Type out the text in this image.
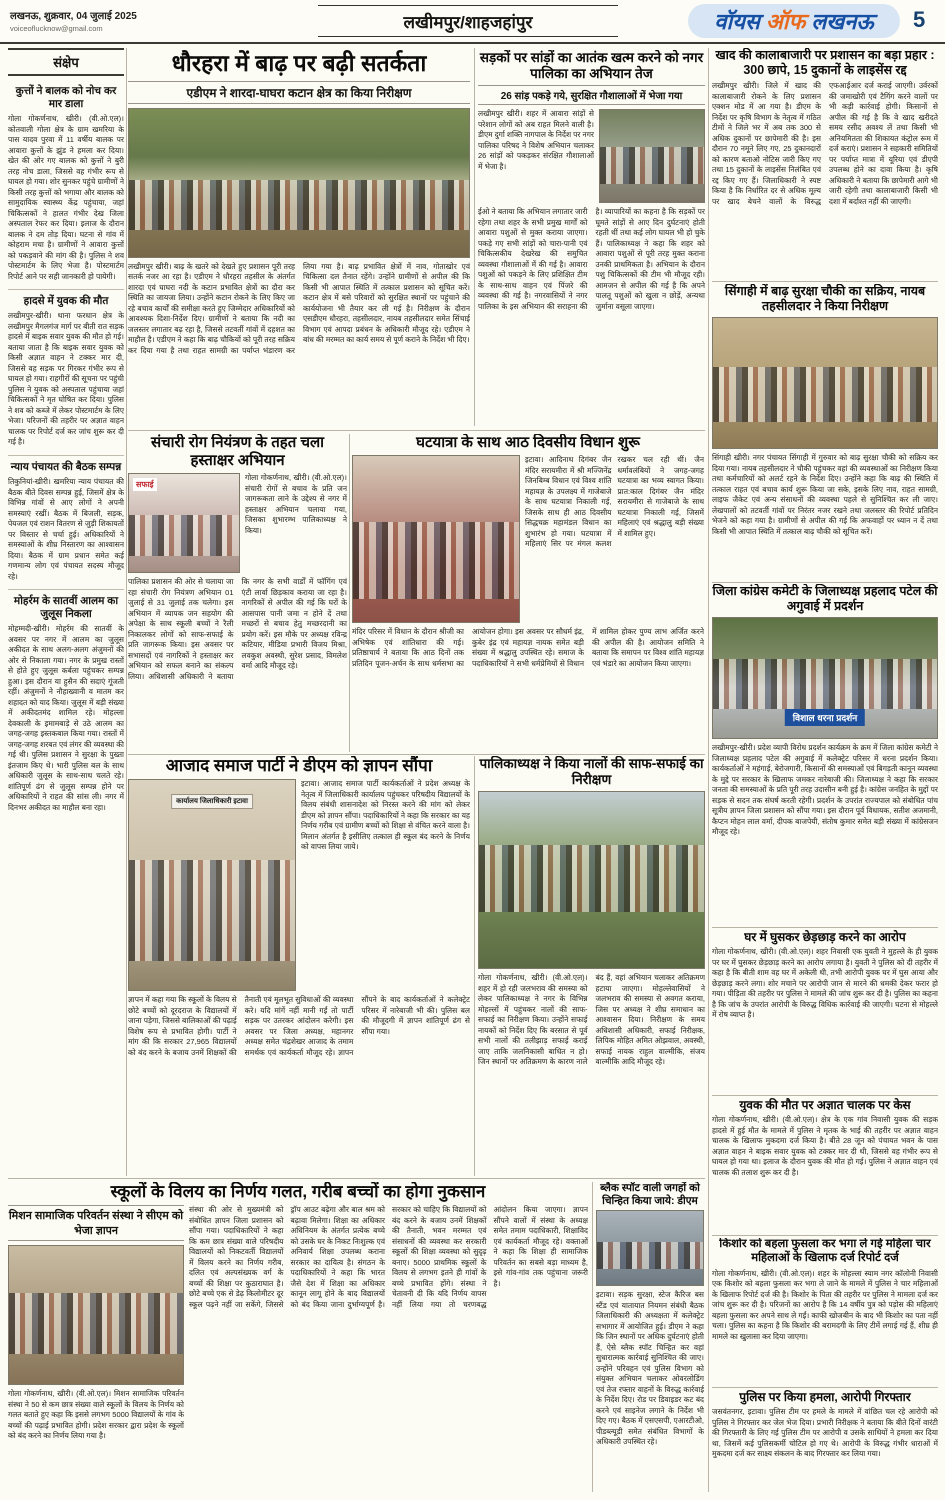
लखनऊ, शुक्रवार, 04 जुलाई 2025
voiceoflucknow@gmail.com	लखीमपुर/शाहजहांपुर	वॉयस ऑफ लखनऊ 5
संक्षेप
कुत्तों ने बालक को नोच कर मार डाला
गोला गोकर्णनाथ, खीरी। (वी.ओ.एल)। कोतवाली गोला क्षेत्र के ग्राम खमरिया के पास यादव पुरवा में 11 वर्षीय बालक पर आवारा कुत्तों के झुंड ने हमला कर दिया। खेत की ओर गए बालक को कुत्तों ने बुरी तरह नोच डाला, जिससे वह गंभीर रूप से घायल हो गया। शोर सुनकर पहुंचे ग्रामीणों ने किसी तरह कुत्तों को भगाया और बालक को सामुदायिक स्वास्थ्य केंद्र पहुंचाया, जहां चिकित्सकों ने हालत गंभीर देख जिला अस्पताल रेफर कर दिया। इलाज के दौरान बालक ने दम तोड़ दिया। घटना से गांव में कोहराम मचा है। ग्रामीणों ने आवारा कुत्तों को पकड़वाने की मांग की है। पुलिस ने शव पोस्टमार्टम के लिए भेजा है। पोस्टमार्टम रिपोर्ट आने पर सही जानकारी हो पायेगी।
हादसे में युवक की मौत
लखीमपुर-खीरी। थाना फरधान क्षेत्र के लखीमपुर मैगलगंज मार्ग पर बीती रात सड़क हादसे में बाइक सवार युवक की मौत हो गई। बताया जाता है कि बाइक सवार युवक को किसी अज्ञात वाहन ने टक्कर मार दी, जिससे वह सड़क पर गिरकर गंभीर रूप से घायल हो गया। राहगीरों की सूचना पर पहुंची पुलिस ने युवक को अस्पताल पहुंचाया जहां चिकित्सकों ने मृत घोषित कर दिया। पुलिस ने शव को कब्जे में लेकर पोस्टमार्टम के लिए भेजा। परिजनों की तहरीर पर अज्ञात वाहन चालक पर रिपोर्ट दर्ज कर जांच शुरू कर दी गई है।
न्याय पंचायत की बैठक सम्पन्न
तिकुनियां-खीरी। खमरिया न्याय पंचायत की बैठक बीते दिवस सम्पन्न हुई, जिसमें क्षेत्र के विभिन्न गांवों से आए लोगों ने अपनी समस्याएं रखीं। बैठक में बिजली, सड़क, पेयजल एवं राशन वितरण से जुड़ी शिकायतों पर विस्तार से चर्चा हुई। अधिकारियों ने समस्याओं के शीघ्र निस्तारण का आश्वासन दिया। बैठक में ग्राम प्रधान समेत कई गणमान्य लोग एवं पंचायत सदस्य मौजूद रहे।
मोहर्रम के सातवीं आलम का जुलूस निकला
मोहम्मदी-खीरी। मोहर्रम की सातवीं के अवसर पर नगर में आलम का जुलूस अकीदत के साथ अलग-अलग अंजुमनों की ओर से निकाला गया। नगर के प्रमुख रास्तों से होते हुए जुलूस कर्बला पहुंचकर सम्पन्न हुआ। इस दौरान या हुसैन की सदाएं गूंजती रहीं। अंजुमनों ने नौहाख्वानी व मातम कर शहादत को याद किया। जुलूस में बड़ी संख्या में अकीदतमंद शामिल रहे। मोहल्ला देवकाली के इमामबाड़े से उठे आलम का जगह-जगह इस्तकबाल किया गया। रास्तों में जगह-जगह शरबत एवं लंगर की व्यवस्था की गई थी। पुलिस प्रशासन ने सुरक्षा के पुख्ता इंतजाम किए थे। भारी पुलिस बल के साथ अधिकारी जुलूस के साथ-साथ चलते रहे। शांतिपूर्ण ढंग से जुलूस सम्पन्न होने पर अधिकारियों ने राहत की सांस ली। नगर में दिनभर अकीदत का माहौल बना रहा।
धौरहरा में बाढ़ पर बढ़ी सतर्कता
एडीएम ने शारदा-घाघरा कटान क्षेत्र का किया निरीक्षण
लखीमपुर खीरी। बाढ़ के खतरे को देखते हुए प्रशासन पूरी तरह सतर्क नजर आ रहा है। एडीएम ने धौरहरा तहसील के अंतर्गत शारदा एवं घाघरा नदी के कटान प्रभावित क्षेत्रों का दौरा कर स्थिति का जायजा लिया। उन्होंने कटान रोकने के लिए किए जा रहे बचाव कार्यों की समीक्षा करते हुए जिम्मेदार अधिकारियों को आवश्यक दिशा-निर्देश दिए। ग्रामीणों ने बताया कि नदी का जलस्तर लगातार बढ़ रहा है, जिससे तटवर्ती गांवों में दहशत का माहौल है। एडीएम ने कहा कि बाढ़ चौकियों को पूरी तरह सक्रिय कर दिया गया है तथा राहत सामग्री का पर्याप्त भंडारण कर लिया गया है। बाढ़ प्रभावित क्षेत्रों में नाव, गोताखोर एवं चिकित्सा दल तैनात रहेंगे। उन्होंने ग्रामीणों से अपील की कि किसी भी आपात स्थिति में तत्काल प्रशासन को सूचित करें। कटान क्षेत्र में बसे परिवारों को सुरक्षित स्थानों पर पहुंचाने की कार्ययोजना भी तैयार कर ली गई है। निरीक्षण के दौरान एसडीएम धौरहरा, तहसीलदार, नायब तहसीलदार समेत सिंचाई विभाग एवं आपदा प्रबंधन के अधिकारी मौजूद रहे। एडीएम ने बांध की मरम्मत का कार्य समय से पूर्ण कराने के निर्देश भी दिए।
सड़कों पर सांड़ों का आतंक खत्म करने को नगर पालिका का अभियान तेज
26 सांड़ पकड़े गये, सुरक्षित गौशालाओं में भेजा गया
लखीमपुर खीरी। शहर में आवारा सांड़ों से परेशान लोगों को अब राहत मिलने वाली है। डीएम दुर्गा शक्ति नागपाल के निर्देश पर नगर पालिका परिषद ने विशेष अभियान चलाकर 26 सांड़ों को पकड़कर संरक्षित गौशालाओं में भेजा है।
ईओ ने बताया कि अभियान लगातार जारी रहेगा तथा शहर के सभी प्रमुख मार्गों को आवारा पशुओं से मुक्त कराया जाएगा। पकड़े गए सभी सांड़ों को चारा-पानी एवं चिकित्सकीय देखरेख की समुचित व्यवस्था गौशालाओं में की गई है। आवारा पशुओं को पकड़ने के लिए प्रशिक्षित टीम के साथ-साथ वाहन एवं पिंजरे की व्यवस्था की गई है। नगरवासियों ने नगर पालिका के इस अभियान की सराहना की है। व्यापारियों का कहना है कि सड़कों पर घूमते सांड़ों से आए दिन दुर्घटनाएं होती रहती थीं तथा कई लोग घायल भी हो चुके हैं। पालिकाध्यक्ष ने कहा कि शहर को आवारा पशुओं से पूरी तरह मुक्त कराना उनकी प्राथमिकता है। अभियान के दौरान पशु चिकित्सकों की टीम भी मौजूद रही। आमजन से अपील की गई है कि अपने पालतू पशुओं को खुला न छोड़ें, अन्यथा जुर्माना वसूला जाएगा।
खाद की कालाबाजारी पर प्रशासन का बड़ा प्रहार : 300 छापे, 15 दुकानों के लाइसेंस रद्द
लखीमपुर खीरी। जिले में खाद की कालाबाजारी रोकने के लिए प्रशासन एक्शन मोड में आ गया है। डीएम के निर्देश पर कृषि विभाग के नेतृत्व में गठित टीमों ने जिले भर में अब तक 300 से अधिक दुकानों पर छापेमारी की है। इस दौरान 70 नमूने लिए गए, 25 दुकानदारों को कारण बताओ नोटिस जारी किए गए तथा 15 दुकानों के लाइसेंस निलंबित एवं रद्द किए गए हैं। जिलाधिकारी ने स्पष्ट किया है कि निर्धारित दर से अधिक मूल्य पर खाद बेचने वालों के विरुद्ध एफआईआर दर्ज कराई जाएगी। उर्वरकों की जमाखोरी एवं टैगिंग करने वालों पर भी कड़ी कार्रवाई होगी। किसानों से अपील की गई है कि वे खाद खरीदते समय रसीद अवश्य लें तथा किसी भी अनियमितता की शिकायत कंट्रोल रूम में दर्ज कराएं। प्रशासन ने सहकारी समितियों पर पर्याप्त मात्रा में यूरिया एवं डीएपी उपलब्ध होने का दावा किया है। कृषि अधिकारी ने बताया कि छापेमारी आगे भी जारी रहेगी तथा कालाबाजारी किसी भी दशा में बर्दाश्त नहीं की जाएगी।
सिंगाही में बाढ़ सुरक्षा चौकी का सक्रिय, नायब तहसीलदार ने किया निरीक्षण
सिंगाही खीरी। नगर पंचायत सिंगाही में गुरुवार को बाढ़ सुरक्षा चौकी को सक्रिय कर दिया गया। नायब तहसीलदार ने चौकी पहुंचकर वहां की व्यवस्थाओं का निरीक्षण किया तथा कर्मचारियों को अलर्ट रहने के निर्देश दिए। उन्होंने कहा कि बाढ़ की स्थिति में तत्काल राहत एवं बचाव कार्य शुरू किया जा सके, इसके लिए नाव, राहत सामग्री, लाइफ जैकेट एवं अन्य संसाधनों की व्यवस्था पहले से सुनिश्चित कर ली जाए। लेखपालों को तटवर्ती गांवों पर निरंतर नजर रखने तथा जलस्तर की रिपोर्ट प्रतिदिन भेजने को कहा गया है। ग्रामीणों से अपील की गई कि अफवाहों पर ध्यान न दें तथा किसी भी आपात स्थिति में तत्काल बाढ़ चौकी को सूचित करें।
संचारी रोग नियंत्रण के तहत चला हस्ताक्षर अभियान
सफाई
गोला गोकर्णनाथ, खीरी। (वी.ओ.एल)। संचारी रोगों से बचाव के प्रति जन जागरूकता लाने के उद्देश्य से नगर में हस्ताक्षर अभियान चलाया गया, जिसका शुभारम्भ पालिकाध्यक्ष ने किया।
पालिका प्रशासन की ओर से चलाया जा रहा संचारी रोग नियंत्रण अभियान 01 जुलाई से 31 जुलाई तक चलेगा। इस अभियान में व्यापक जन सहयोग की अपेक्षा के साथ स्कूली बच्चों ने रैली निकालकर लोगों को साफ-सफाई के प्रति जागरूक किया। इस अवसर पर सभासदों एवं नागरिकों ने हस्ताक्षर कर अभियान को सफल बनाने का संकल्प लिया। अधिशासी अधिकारी ने बताया कि नगर के सभी वार्डों में फॉगिंग एवं एंटी लार्वा छिड़काव कराया जा रहा है। नागरिकों से अपील की गई कि घरों के आसपास पानी जमा न होने दें तथा मच्छरों से बचाव हेतु मच्छरदानी का प्रयोग करें। इस मौके पर अध्यक्ष रविन्द्र कटियार, मीडिया प्रभारी विजय मिश्रा, लवकुश अवस्थी, सुरेश प्रसाद, विमलेश वर्मा आदि मौजूद रहे।
घटयात्रा के साथ आठ दिवसीय विधान शुरू
इटावा। आदिनाथ दिगंबर जैन मंदिर सरायमीरा में श्री मज्जिनेंद्र जिनबिम्ब विधान एवं विश्व शांति महायज्ञ के उपलक्ष्य में गाजेबाजे के साथ घटयात्रा निकाली गई, जिसके साथ ही आठ दिवसीय सिद्धचक्र महामंडल विधान का शुभारंभ हो गया। घटयात्रा में महिलाएं सिर पर मंगल कलश रखकर चल रही थीं। जैन धर्मावलंबियों ने जगह-जगह घटयात्रा का भव्य स्वागत किया। प्रात:काल दिगंबर जैन मंदिर सरायमीरा से गाजेबाजे के साथ घटयात्रा निकाली गई, जिसमें महिलाएं एवं श्रद्धालु बड़ी संख्या में शामिल हुए।
मंदिर परिसर में विधान के दौरान श्रीजी का अभिषेक एवं शांतिधारा की गई। प्रतिष्ठाचार्य ने बताया कि आठ दिनों तक प्रतिदिन पूजन-अर्चन के साथ धर्मसभा का आयोजन होगा। इस अवसर पर सौधर्म इंद्र, कुबेर इंद्र एवं महायज्ञ नायक समेत बड़ी संख्या में श्रद्धालु उपस्थित रहे। समाज के पदाधिकारियों ने सभी धर्मप्रेमियों से विधान में शामिल होकर पुण्य लाभ अर्जित करने की अपील की है। आयोजन समिति ने बताया कि समापन पर विश्व शांति महायज्ञ एवं भंडारे का आयोजन किया जाएगा।
जिला कांग्रेस कमेटी के जिलाध्यक्ष प्रहलाद पटेल की अगुवाई में प्रदर्शन
विशाल धरना प्रदर्शन
लखीमपुर-खीरी। प्रदेश व्यापी विरोध प्रदर्शन कार्यक्रम के क्रम में जिला कांग्रेस कमेटी ने जिलाध्यक्ष प्रहलाद पटेल की अगुवाई में कलेक्ट्रेट परिसर में धरना प्रदर्शन किया। कार्यकर्ताओं ने महंगाई, बेरोजगारी, किसानों की समस्याओं एवं बिगड़ती कानून व्यवस्था के मुद्दे पर सरकार के खिलाफ जमकर नारेबाजी की। जिलाध्यक्ष ने कहा कि सरकार जनता की समस्याओं के प्रति पूरी तरह उदासीन बनी हुई है। कांग्रेस जनहित के मुद्दों पर सड़क से सदन तक संघर्ष करती रहेगी। प्रदर्शन के उपरांत राज्यपाल को संबोधित पांच सूत्रीय ज्ञापन जिला प्रशासन को सौंपा गया। इस दौरान पूर्व विधायक, सतीश अजमानी, कैप्टन मोहन लाल वर्मा, दीपक बाजपेयी, संतोष कुमार समेत बड़ी संख्या में कांग्रेसजन मौजूद रहे।
आजाद समाज पार्टी ने डीएम को ज्ञापन सौंपा
कार्यालय जिलाधिकारी इटावा
इटावा। आजाद समाज पार्टी कार्यकर्ताओं ने प्रदेश अध्यक्ष के नेतृत्व में जिलाधिकारी कार्यालय पहुंचकर परिषदीय विद्यालयों के विलय संबंधी शासनादेश को निरस्त करने की मांग को लेकर डीएम को ज्ञापन सौंपा। पदाधिकारियों ने कहा कि सरकार का यह निर्णय गरीब एवं ग्रामीण बच्चों को शिक्षा से वंचित करने वाला है। मिलान अंतर्गत है इसीलिए तत्काल ही स्कूल बंद करने के निर्णय को वापस लिया जाये।
ज्ञापन में कहा गया कि स्कूलों के विलय से छोटे बच्चों को दूरदराज के विद्यालयों में जाना पड़ेगा, जिससे बालिकाओं की पढ़ाई विशेष रूप से प्रभावित होगी। पार्टी ने मांग की कि सरकार 27,965 विद्यालयों को बंद करने के बजाय उनमें शिक्षकों की तैनाती एवं मूलभूत सुविधाओं की व्यवस्था करे। यदि मांगें नहीं मानी गईं तो पार्टी सड़क पर उतरकर आंदोलन करेगी। इस अवसर पर जिला अध्यक्ष, महानगर अध्यक्ष समेत चंद्रशेखर आजाद के तमाम समर्थक एवं कार्यकर्ता मौजूद रहे। ज्ञापन सौंपने के बाद कार्यकर्ताओं ने कलेक्ट्रेट परिसर में नारेबाजी भी की। पुलिस बल की मौजूदगी में ज्ञापन शांतिपूर्ण ढंग से सौंपा गया।
पालिकाध्यक्ष ने किया नालों की साफ-सफाई का निरीक्षण
गोला गोकर्णनाथ, खीरी। (वी.ओ.एल)। शहर में हो रही जलभराव की समस्या को लेकर पालिकाध्यक्ष ने नगर के विभिन्न मोहल्लों में पहुंचकर नालों की साफ-सफाई का निरीक्षण किया। उन्होंने सफाई नायकों को निर्देश दिए कि बरसात से पूर्व सभी नालों की तलीझाड़ सफाई कराई जाए ताकि जलनिकासी बाधित न हो। जिन स्थानों पर अतिक्रमण के कारण नाले बंद हैं, वहां अभियान चलाकर अतिक्रमण हटाया जाएगा। मोहल्लेवासियों ने जलभराव की समस्या से अवगत कराया, जिस पर अध्यक्ष ने शीघ्र समाधान का आश्वासन दिया। निरीक्षण के समय अधिशासी अधिकारी, सफाई निरीक्षक, लिपिक मोहित अमित ओझवाल, अवस्थी, सफाई नायक राहुल वाल्मीकि, संजय वाल्मीकि आदि मौजूद रहे।
घर में घुसकर छेड़छाड़ करने का आरोप
गोला गोकर्णनाथ, खीरी। (वी.ओ.एल)। शहर निवासी एक युवती ने मुहल्ले के ही युवक पर घर में घुसकर छेड़छाड़ करने का आरोप लगाया है। युवती ने पुलिस को दी तहरीर में कहा है कि बीती शाम वह घर में अकेली थी, तभी आरोपी युवक घर में घुस आया और छेड़छाड़ करने लगा। शोर मचाने पर आरोपी जान से मारने की धमकी देकर फरार हो गया। पीड़िता की तहरीर पर पुलिस ने मामले की जांच शुरू कर दी है। पुलिस का कहना है कि जांच के उपरांत आरोपी के विरुद्ध विधिक कार्रवाई की जाएगी। घटना से मोहल्ले में रोष व्याप्त है।
युवक की मौत पर अज्ञात चालक पर केस
गोला गोकर्णनाथ, खीरी। (वी.ओ.एल)। क्षेत्र के एक गांव निवासी युवक की सड़क हादसे में हुई मौत के मामले में पुलिस ने मृतक के भाई की तहरीर पर अज्ञात वाहन चालक के खिलाफ मुकदमा दर्ज किया है। बीते 28 जून को पंचायत भवन के पास अज्ञात वाहन ने बाइक सवार युवक को टक्कर मार दी थी, जिससे वह गंभीर रूप से घायल हो गया था। इलाज के दौरान युवक की मौत हो गई। पुलिस ने अज्ञात वाहन एवं चालक की तलाश शुरू कर दी है।
किशोर को बहला फुसला कर भगा ले गई महिला चार महिलाओं के खिलाफ दर्ज रिपोर्ट दर्ज
गोला गोकर्णनाथ, खीरी। (वी.ओ.एल)। शहर के मोहल्ला स्याम नगर कॉलोनी निवासी एक किशोर को बहला फुसला कर भगा ले जाने के मामले में पुलिस ने चार महिलाओं के खिलाफ रिपोर्ट दर्ज की है। किशोर के पिता की तहरीर पर पुलिस ने मामला दर्ज कर जांच शुरू कर दी है। परिजनों का आरोप है कि 14 वर्षीय पुत्र को पड़ोस की महिलाएं बहला फुसला कर अपने साथ ले गईं। काफी खोजबीन के बाद भी किशोर का पता नहीं चला। पुलिस का कहना है कि किशोर की बरामदगी के लिए टीमें लगाई गई हैं, शीघ्र ही मामले का खुलासा कर दिया जाएगा।
पुलिस पर किया हमला, आरोपी गिरफ्तार
जसवंतनगर, इटावा। पुलिस टीम पर हमले के मामले में वांछित चल रहे आरोपी को पुलिस ने गिरफ्तार कर जेल भेज दिया। प्रभारी निरीक्षक ने बताया कि बीते दिनों वारंटी की गिरफ्तारी के लिए गई पुलिस टीम पर आरोपी व उसके साथियों ने हमला कर दिया था, जिसमें कई पुलिसकर्मी चोटिल हो गए थे। आरोपी के विरुद्ध गंभीर धाराओं में मुकदमा दर्ज कर साक्ष्य संकलन के बाद गिरफ्तार कर लिया गया।
स्कूलों के विलय का निर्णय गलत, गरीब बच्चों का होगा नुकसान
मिशन सामाजिक परिवर्तन संस्था ने सीएम को भेजा ज्ञापन
गोला गोकर्णनाथ, खीरी। (वी.ओ.एल)। मिशन सामाजिक परिवर्तन संस्था ने 50 से कम छात्र संख्या वाले स्कूलों के विलय के निर्णय को गलत बताते हुए कहा कि इससे लगभग 5000 विद्यालयों के गांव के बच्चों की पढ़ाई प्रभावित होगी। प्रदेश सरकार द्वारा प्रदेश के स्कूलों को बंद करने का निर्णय लिया गया है।
संस्था की ओर से मुख्यमंत्री को संबोधित ज्ञापन जिला प्रशासन को सौंपा गया। पदाधिकारियों ने कहा कि कम छात्र संख्या वाले परिषदीय विद्यालयों को निकटवर्ती विद्यालयों में विलय करने का निर्णय गरीब, दलित एवं अल्पसंख्यक वर्ग के बच्चों की शिक्षा पर कुठाराघात है। छोटे बच्चे एक से डेढ़ किलोमीटर दूर स्कूल पढ़ने नहीं जा सकेंगे, जिससे ड्रॉप आउट बढ़ेगा और बाल श्रम को बढ़ावा मिलेगा। शिक्षा का अधिकार अधिनियम के अंतर्गत प्रत्येक बच्चे को उसके घर के निकट निःशुल्क एवं अनिवार्य शिक्षा उपलब्ध कराना सरकार का दायित्व है। संगठन के पदाधिकारियों ने कहा कि भारत जैसे देश में शिक्षा का अधिकार कानून लागू होने के बाद विद्यालयों को बंद किया जाना दुर्भाग्यपूर्ण है। सरकार को चाहिए कि विद्यालयों को बंद करने के बजाय उनमें शिक्षकों की तैनाती, भवन मरम्मत एवं संसाधनों की व्यवस्था कर सरकारी स्कूलों की शिक्षा व्यवस्था को सुदृढ़ बनाए। 5000 प्राथमिक स्कूलों के विलय से लगभग इतने ही गांवों के बच्चे प्रभावित होंगे। संस्था ने चेतावनी दी कि यदि निर्णय वापस नहीं लिया गया तो चरणबद्ध आंदोलन किया जाएगा। ज्ञापन सौंपने वालों में संस्था के अध्यक्ष समेत तमाम पदाधिकारी, शिक्षाविद एवं कार्यकर्ता मौजूद रहे। वक्ताओं ने कहा कि शिक्षा ही सामाजिक परिवर्तन का सबसे बड़ा माध्यम है, इसे गांव-गांव तक पहुंचाना जरूरी है।
ब्लैक स्पॉट वाली जगहों को चिन्हित किया जाये: डीएम
इटावा। सड़क सुरक्षा, स्टेज कैरिज बस स्टैंड एवं यातायात नियमन संबंधी बैठक जिलाधिकारी की अध्यक्षता में कलेक्ट्रेट सभागार में आयोजित हुई। डीएम ने कहा कि जिन स्थानों पर अधिक दुर्घटनाएं होती हैं, ऐसे ब्लैक स्पॉट चिन्हित कर वहां सुधारात्मक कार्रवाई सुनिश्चित की जाए। उन्होंने परिवहन एवं पुलिस विभाग को संयुक्त अभियान चलाकर ओवरलोडिंग एवं तेज रफ्तार वाहनों के विरुद्ध कार्रवाई के निर्देश दिए। रोड पर डिवाइडर कट बंद करने एवं साइनेज लगाने के निर्देश भी दिए गए। बैठक में एसएसपी, एआरटीओ, पीडब्ल्यूडी समेत संबंधित विभागों के अधिकारी उपस्थित रहे।
